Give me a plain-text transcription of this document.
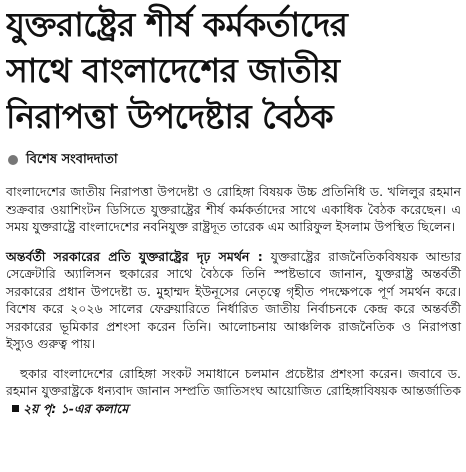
যুক্তরাষ্ট্রের শীর্ষ কর্মকর্তাদের
সাথে বাংলাদেশের জাতীয়
নিরাপত্তা উপদেষ্টার বৈঠক
বিশেষ সংবাদদাতা

বাংলাদেশের জাতীয় নিরাপত্তা উপদেষ্টা ও রোহিঙ্গা বিষয়ক উচ্চ প্রতিনিধি ড. খলিলুর রহমান শুক্রবার ওয়াশিংটন ডিসিতে যুক্তরাষ্ট্রের শীর্ষ কর্মকর্তাদের সাথে একাধিক বৈঠক করেছেন। এ সময় যুক্তরাষ্ট্রে বাংলাদেশের নবনিযুক্ত রাষ্ট্রদূত তারেক এম আরিফুল ইসলাম উপস্থিত ছিলেন।

অন্তর্বর্তী সরকারের প্রতি যুক্তরাষ্ট্রের দৃঢ় সমর্থন : যুক্তরাষ্ট্রের রাজনৈতিকবিষয়ক আন্ডার সেক্রেটারি অ্যালিসন হুকারের সাথে বৈঠকে তিনি স্পষ্টভাবে জানান, যুক্তরাষ্ট্র অন্তর্বর্তী সরকারের প্রধান উপদেষ্টা ড. মুহাম্মদ ইউনূসের নেতৃত্বে গৃহীত পদক্ষেপকে পূর্ণ সমর্থন করে। বিশেষ করে ২০২৬ সালের ফেব্রুয়ারিতে নির্ধারিত জাতীয় নির্বাচনকে কেন্দ্র করে অন্তর্বর্তী সরকারের ভূমিকার প্রশংসা করেন তিনি। আলোচনায় আঞ্চলিক রাজনৈতিক ও নিরাপত্তা ইস্যুও গুরুত্ব পায়।

হুকার বাংলাদেশের রোহিঙ্গা সংকট সমাধানে চলমান প্রচেষ্টার প্রশংসা করেন। জবাবে ড. রহমান যুক্তরাষ্ট্রকে ধন্যবাদ জানান সম্প্রতি জাতিসংঘ আয়োজিত রোহিঙ্গাবিষয়ক আন্তর্জাতিক ২য় পৃ: ১-এর কলামে
